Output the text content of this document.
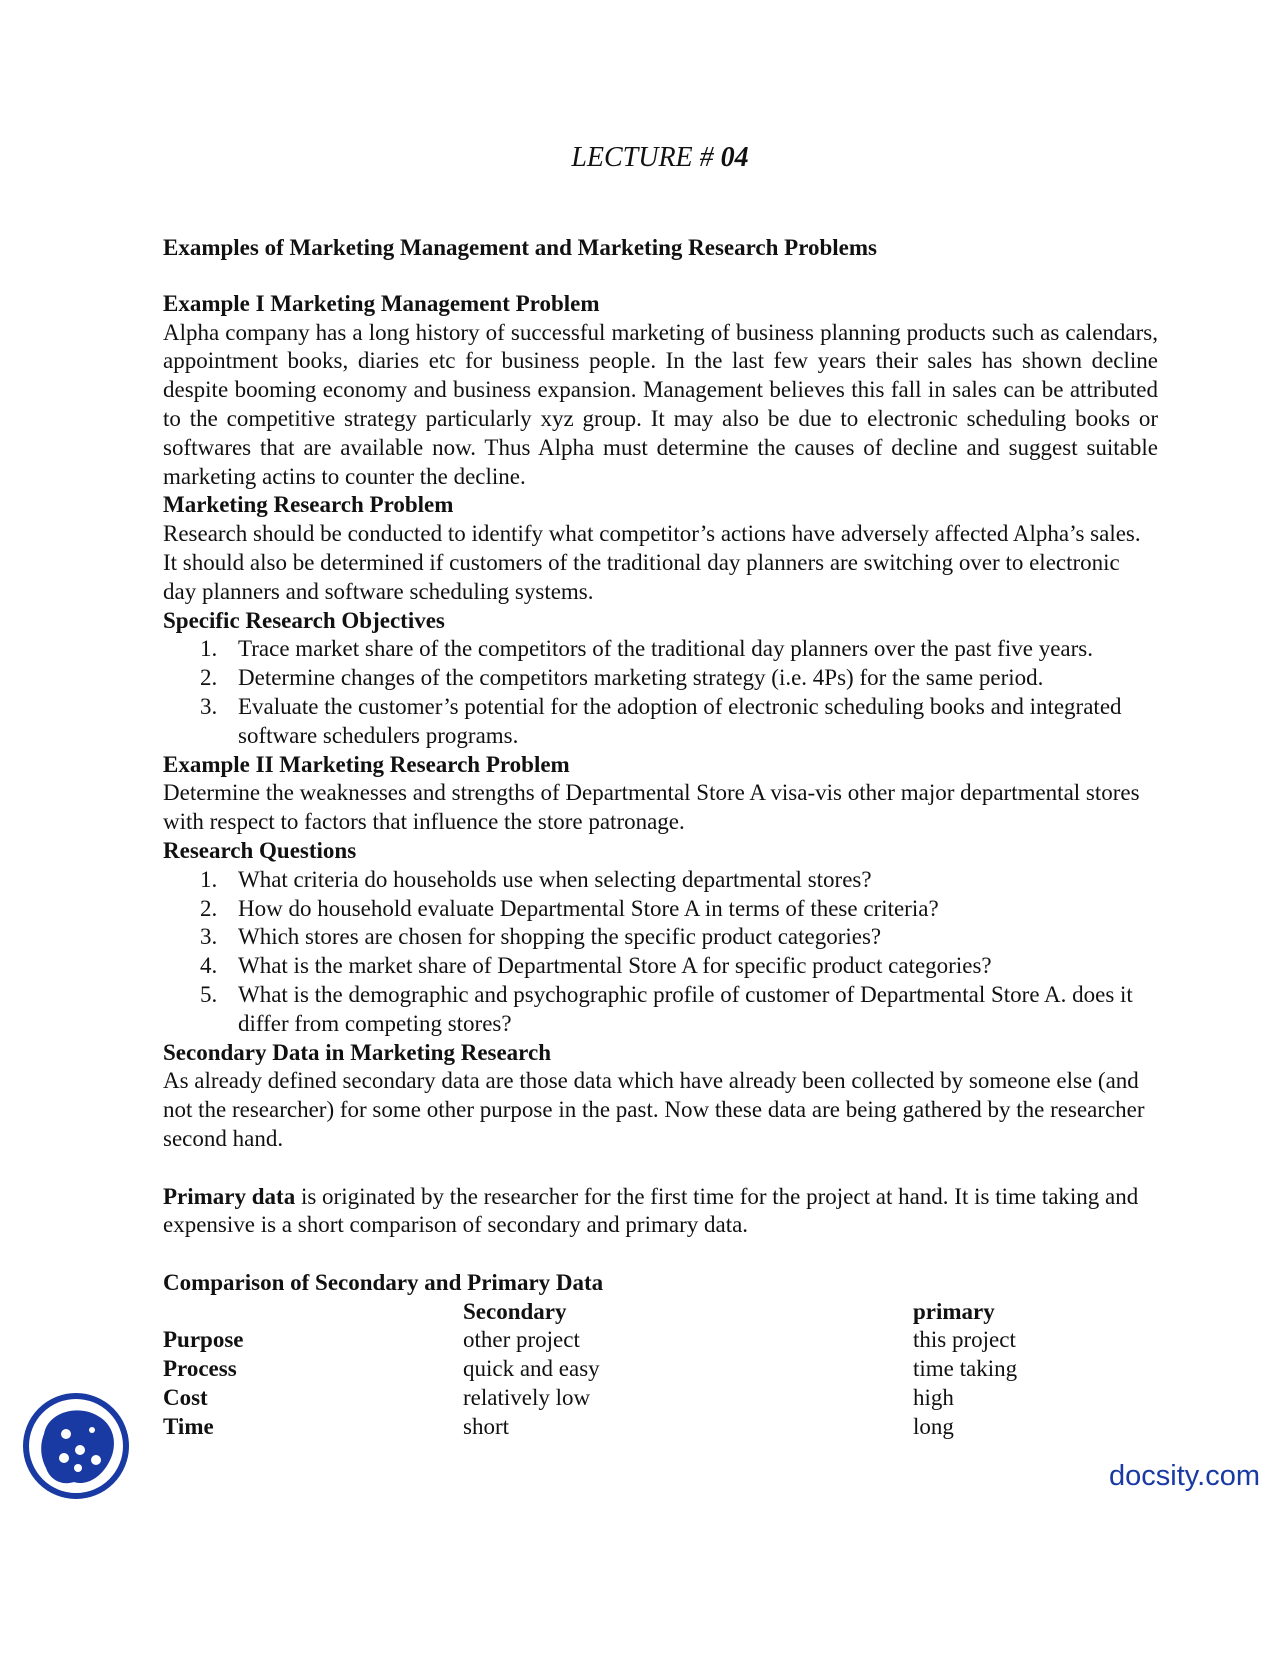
LECTURE # 04

Examples of Marketing Management and Marketing Research Problems

Example I Marketing Management Problem

Alpha company has a long history of successful marketing of business planning products such as calendars, appointment books, diaries etc for business people. In the last few years their sales has shown decline despite booming economy and business expansion. Management believes this fall in sales can be attributed to the competitive strategy particularly xyz group. It may also be due to electronic scheduling books or softwares that are available now. Thus Alpha must determine the causes of decline and suggest suitable marketing actins to counter the decline.

Marketing Research Problem

Research should be conducted to identify what competitor’s actions have adversely affected Alpha’s sales. It should also be determined if customers of the traditional day planners are switching over to electronic day planners and software scheduling systems.

Specific Research Objectives

1. Trace market share of the competitors of the traditional day planners over the past five years.
2. Determine changes of the competitors marketing strategy (i.e. 4Ps) for the same period.
3. Evaluate the customer’s potential for the adoption of electronic scheduling books and integrated software schedulers programs.

Example II Marketing Research Problem

Determine the weaknesses and strengths of Departmental Store A visa-vis other major departmental stores with respect to factors that influence the store patronage.

Research Questions

1. What criteria do households use when selecting departmental stores?
2. How do household evaluate Departmental Store A in terms of these criteria?
3. Which stores are chosen for shopping the specific product categories?
4. What is the market share of Departmental Store A for specific product categories?
5. What is the demographic and psychographic profile of customer of Departmental Store A. does it differ from competing stores?

Secondary Data in Marketing Research

As already defined secondary data are those data which have already been collected by someone else (and not the researcher) for some other purpose in the past. Now these data are being gathered by the researcher second hand.

Primary data is originated by the researcher for the first time for the project at hand. It is time taking and expensive is a short comparison of secondary and primary data.

Comparison of Secondary and Primary Data

	Secondary	primary
Purpose	other project	this project
Process	quick and easy	time taking
Cost	relatively low	high
Time	short	long
docsity.com
